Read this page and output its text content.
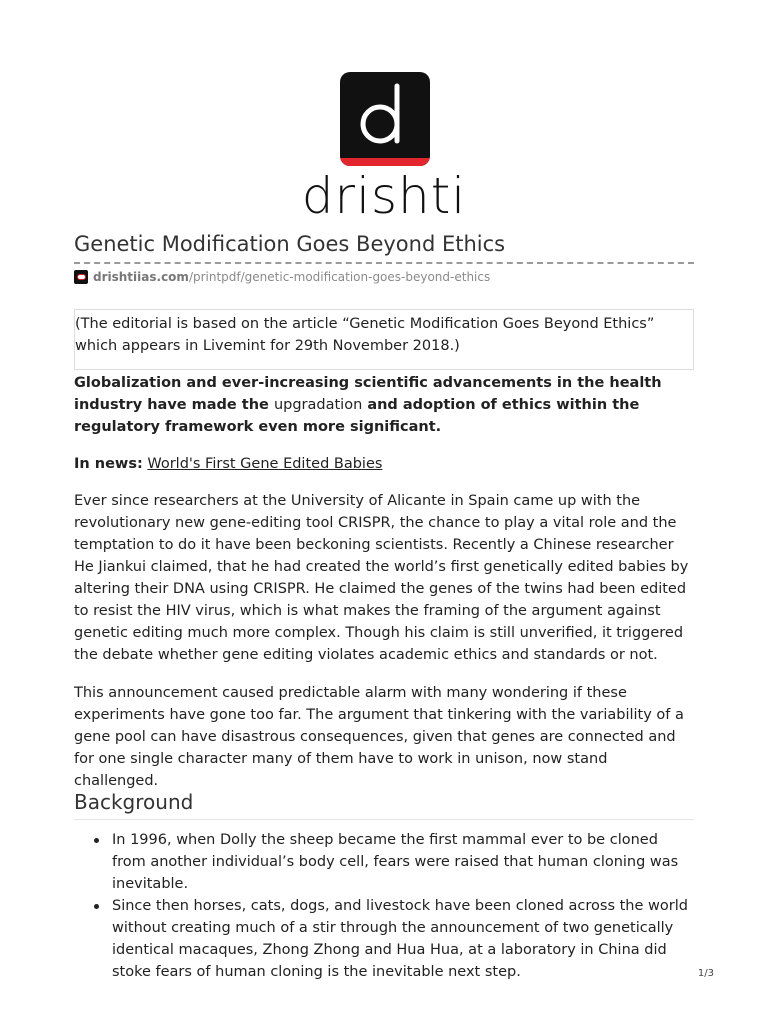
drishti
Genetic Modification Goes Beyond Ethics
drishtiias.com /printpdf/genetic-modification-goes-beyond-ethics
(The editorial is based on the article “Genetic Modification Goes Beyond Ethics” which appears in Livemint for 29th November 2018.)

Globalization and ever-increasing scientific advancements in the health industry have made the upgradation and adoption of ethics within the regulatory framework even more significant.

In news: World's First Gene Edited Babies

Ever since researchers at the University of Alicante in Spain came up with the revolutionary new gene-editing tool CRISPR, the chance to play a vital role and the temptation to do it have been beckoning scientists. Recently a Chinese researcher He Jiankui claimed, that he had created the world’s first genetically edited babies by altering their DNA using CRISPR. He claimed the genes of the twins had been edited to resist the HIV virus, which is what makes the framing of the argument against genetic editing much more complex. Though his claim is still unverified, it triggered the debate whether gene editing violates academic ethics and standards or not.

This announcement caused predictable alarm with many wondering if these experiments have gone too far. The argument that tinkering with the variability of a gene pool can have disastrous consequences, given that genes are connected and for one single character many of them have to work in unison, now stand challenged.

Background
In 1996, when Dolly the sheep became the first mammal ever to be cloned from another individual’s body cell, fears were raised that human cloning was inevitable.
Since then horses, cats, dogs, and livestock have been cloned across the world without creating much of a stir through the announcement of two genetically identical macaques, Zhong Zhong and Hua Hua, at a laboratory in China did stoke fears of human cloning is the inevitable next step.	1/3
